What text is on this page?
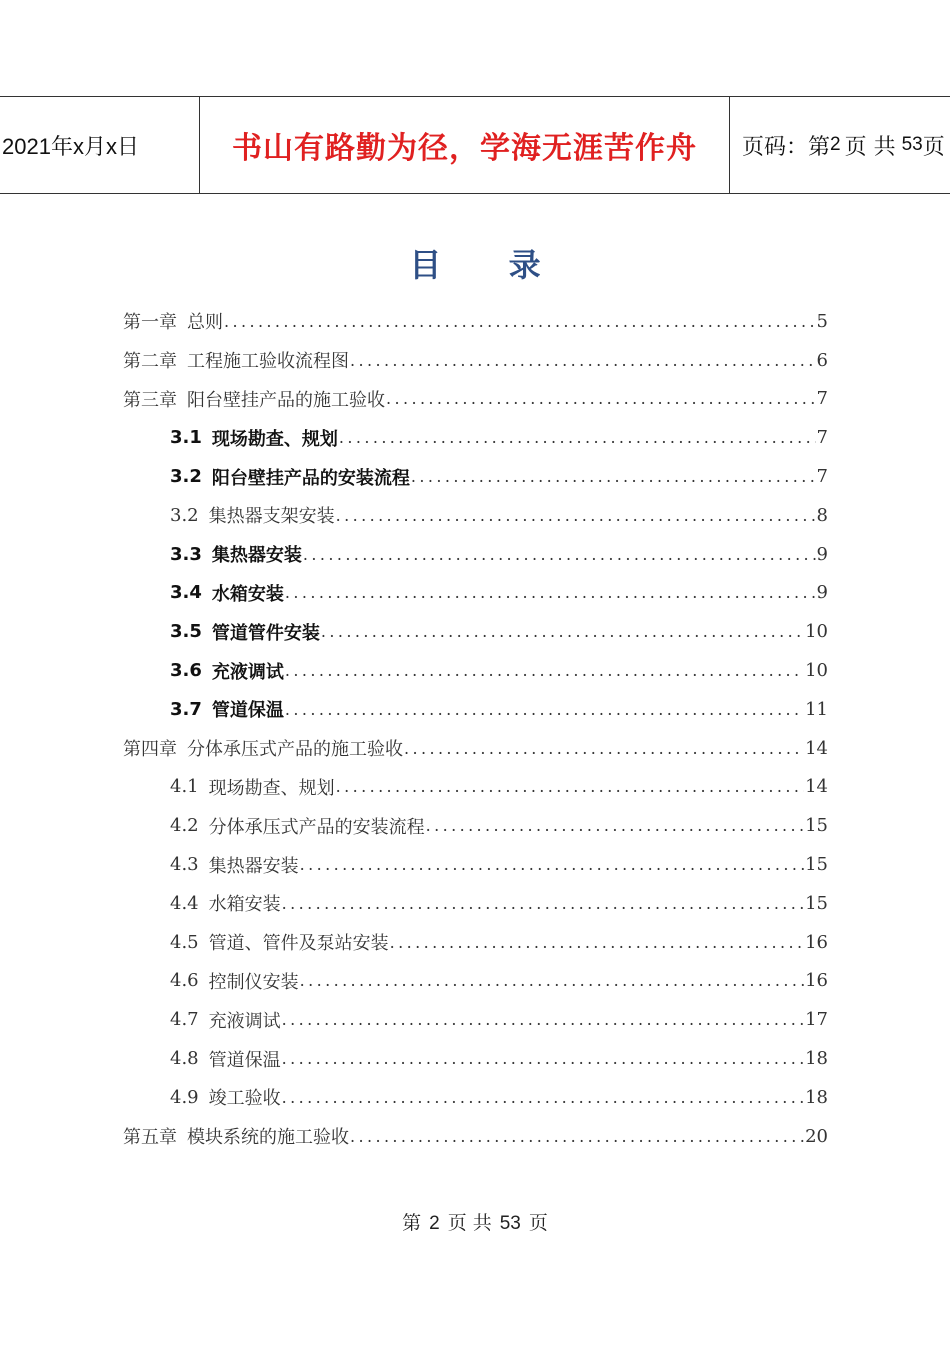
2021年x月x日	书山有路勤为径，学海无涯苦作舟	页码：第 2 页 共 53 页
目 录
第一章 总则 .....	5
第二章 工程施工验收流程图 .....	6
第三章 阳台壁挂产品的施工验收 .....	7
3.1 现场勘查、规划 .....	7
3.2 阳台壁挂产品的安装流程 .....	7
3.2 集热器支架安装 .....	8
3.3 集热器安装 .....	9
3.4 水箱安装 .....	9
3.5 管道管件安装 .....	10
3.6 充液调试 .....	10
3.7 管道保温 .....	11
第四章 分体承压式产品的施工验收 .....	14
4.1 现场勘查、规划 .....	14
4.2 分体承压式产品的安装流程 .....	15
4.3 集热器安装 .....	15
4.4 水箱安装 .....	15
4.5 管道、管件及泵站安装 .....	16
4.6 控制仪安装 .....	16
4.7 充液调试 .....	17
4.8 管道保温 .....	18
4.9 竣工验收 .....	18
第五章 模块系统的施工验收 .....	20
第 2 页 共 53 页
